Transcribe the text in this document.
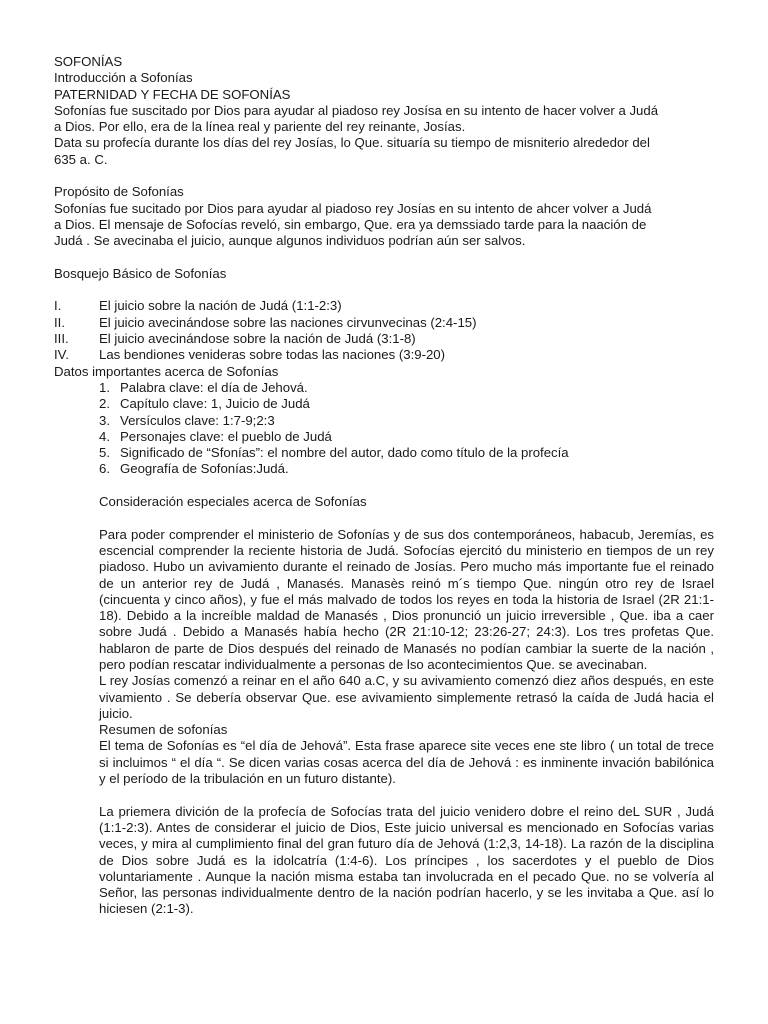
SOFONÍAS

Introducción a Sofonías

PATERNIDAD Y FECHA DE SOFONÍAS

Sofonías fue suscitado por Dios para ayudar al piadoso rey Josísa en su intento de hacer volver a Judá

a Dios. Por ello, era de la línea real y pariente del rey reinante, Josías.

Data su profecía durante los días del rey Josías, lo Que. situaría su tiempo de misniterio alrededor del

635 a. C.

Propósito de Sofonías

Sofonías fue sucitado por Dios para ayudar al piadoso rey Josías en su intento de ahcer volver a Judá

a Dios. El mensaje de Sofocías reveló, sin embargo, Que. era ya demssiado tarde para la naación de

Judá . Se avecinaba el juicio, aunque algunos individuos podrían aún ser salvos.

Bosquejo Básico de Sofonías

I.	El juicio sobre la nación de Judá (1:1-2:3)
II.	El juicio avecinándose sobre las naciones cirvunvecinas (2:4-15)
III.	El juicio avecinándose sobre la nación de Judá (3:1-8)
IV.	Las bendiones venideras sobre todas las naciones (3:9-20)

Datos importantes acerca de Sofonías

1. Palabra clave: el día de Jehová.
2. Capítulo clave: 1, Juicio de Judá
3. Versículos clave: 1:7-9;2:3
4. Personajes clave: el pueblo de Judá
5. Significado de “Sfonías”: el nombre del autor, dado como título de la profecía
6. Geografía de Sofonías:Judá.

Consideración especiales acerca de Sofonías

Para poder comprender el ministerio de Sofonías y de sus dos contemporáneos, habacub, Jeremías, es escencial comprender la reciente historia de Judá. Sofocías ejercitó du ministerio en tiempos de un rey piadoso. Hubo un avivamiento durante el reinado de Josías. Pero mucho más importante fue el reinado de un anterior rey de Judá , Manasés. Manasès reinó m´s tiempo Que. ningún otro rey de Israel (cincuenta y cinco años), y fue el más malvado de todos los reyes en toda la historia de Israel (2R 21:1-18). Debido a la increíble maldad de Manasés , Dios pronunció un juicio irreversible , Que. iba a caer sobre Judá . Debido a Manasés había hecho (2R 21:10-12; 23:26-27; 24:3). Los tres profetas Que. hablaron de parte de Dios después del reinado de Manasés no podían cambiar la suerte de la nación , pero podían rescatar individualmente a personas de lso acontecimientos Que. se avecinaban.

L rey Josías comenzó a reinar en el año 640 a.C, y su avivamiento comenzó diez años después, en este vivamiento . Se debería observar Que. ese avivamiento simplemente retrasó la caída de Judá hacia el juicio.

Resumen de sofonías

El tema de Sofonías es “el día de Jehová”. Esta frase aparece site veces ene ste libro ( un total de trece si incluimos “ el día “. Se dicen varias cosas acerca del día de Jehová : es inminente invación babilónica y el período de la tribulación en un futuro distante).

La priemera divición de la profecía de Sofocías trata del juicio venidero dobre el reino deL SUR , Judá (1:1-2:3). Antes de considerar el juicio de Dios, Este juicio universal es mencionado en Sofocías varias veces, y mira al cumplimiento final del gran futuro día de Jehová (1:2,3, 14-18). La razón de la disciplina de Dios sobre Judá es la idolcatría (1:4-6). Los príncipes , los sacerdotes y el pueblo de Dios voluntariamente . Aunque la nación misma estaba tan involucrada en el pecado Que. no se volvería al Señor, las personas individualmente dentro de la nación podrían hacerlo, y se les invitaba a Que. así lo hiciesen (2:1-3).
